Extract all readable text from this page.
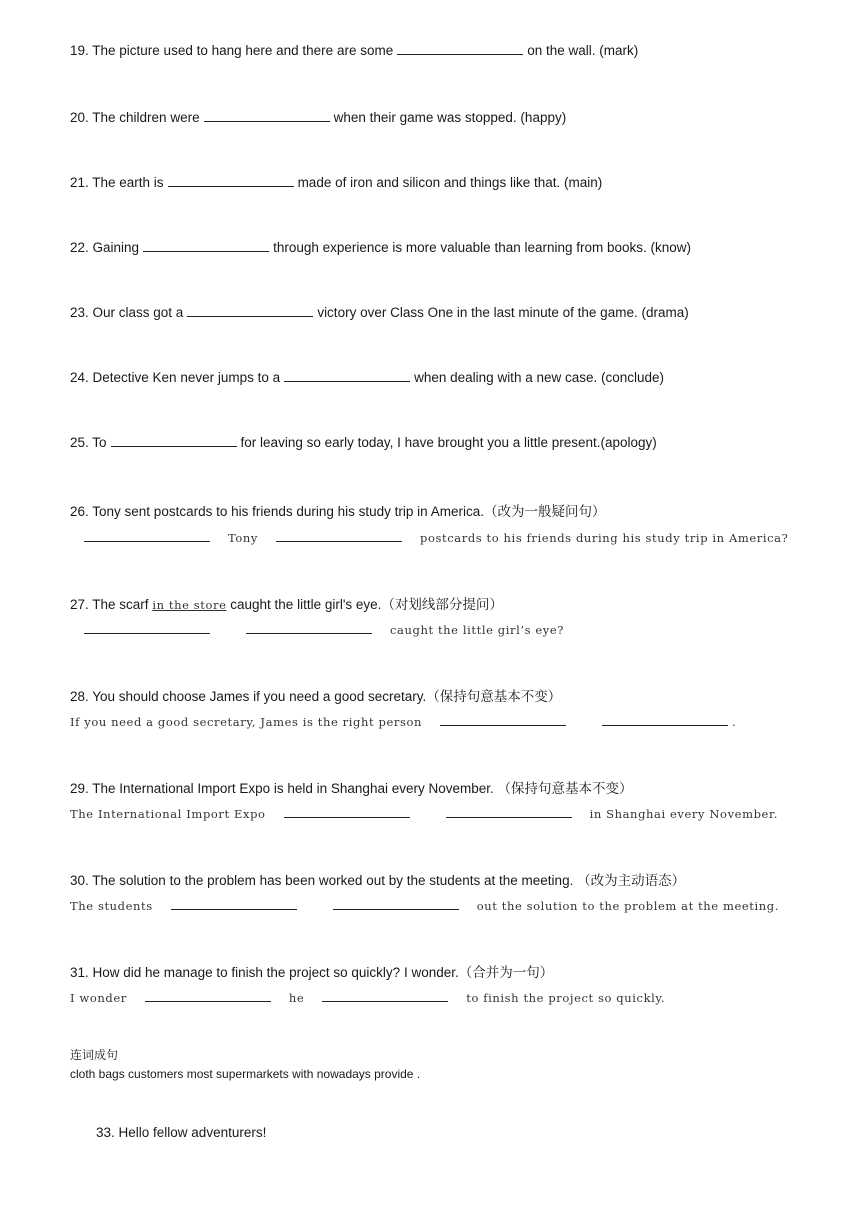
19. The picture used to hang here and there are some	on the wall. (mark)
20. The children were	when their game was stopped. (happy)
21. The earth is	made of iron and silicon and things like that. (main)
22. Gaining	through experience is more valuable than learning from books. (know)
23. Our class got a	victory over Class One in the last minute of the game. (drama)
24. Detective Ken never jumps to a	when dealing with a new case. (conclude)
25. To	for leaving so early today, I have brought you a little present.(apology)
26. Tony sent postcards to his friends during his study trip in America.（改为一般疑问句）
Tony	postcards to his friends during his study trip in America?
27. The scarf in the store caught the little girl's eye.（对划线部分提问）
caught the little girl’s eye?
28. You should choose James if you need a good secretary.（保持句意基本不变）
If you need a good secretary, James is the right person	.
29. The International Import Expo is held in Shanghai every November. （保持句意基本不变）
The International Import Expo	in Shanghai every November.
30. The solution to the problem has been worked out by the students at the meeting. （改为主动语态）
The students	out the solution to the problem at the meeting.
31. How did he manage to finish the project so quickly? I wonder.（合并为一句）
I wonder	he	to finish the project so quickly.
连词成句
cloth bags customers most supermarkets with nowadays provide .
33. Hello fellow adventurers!
